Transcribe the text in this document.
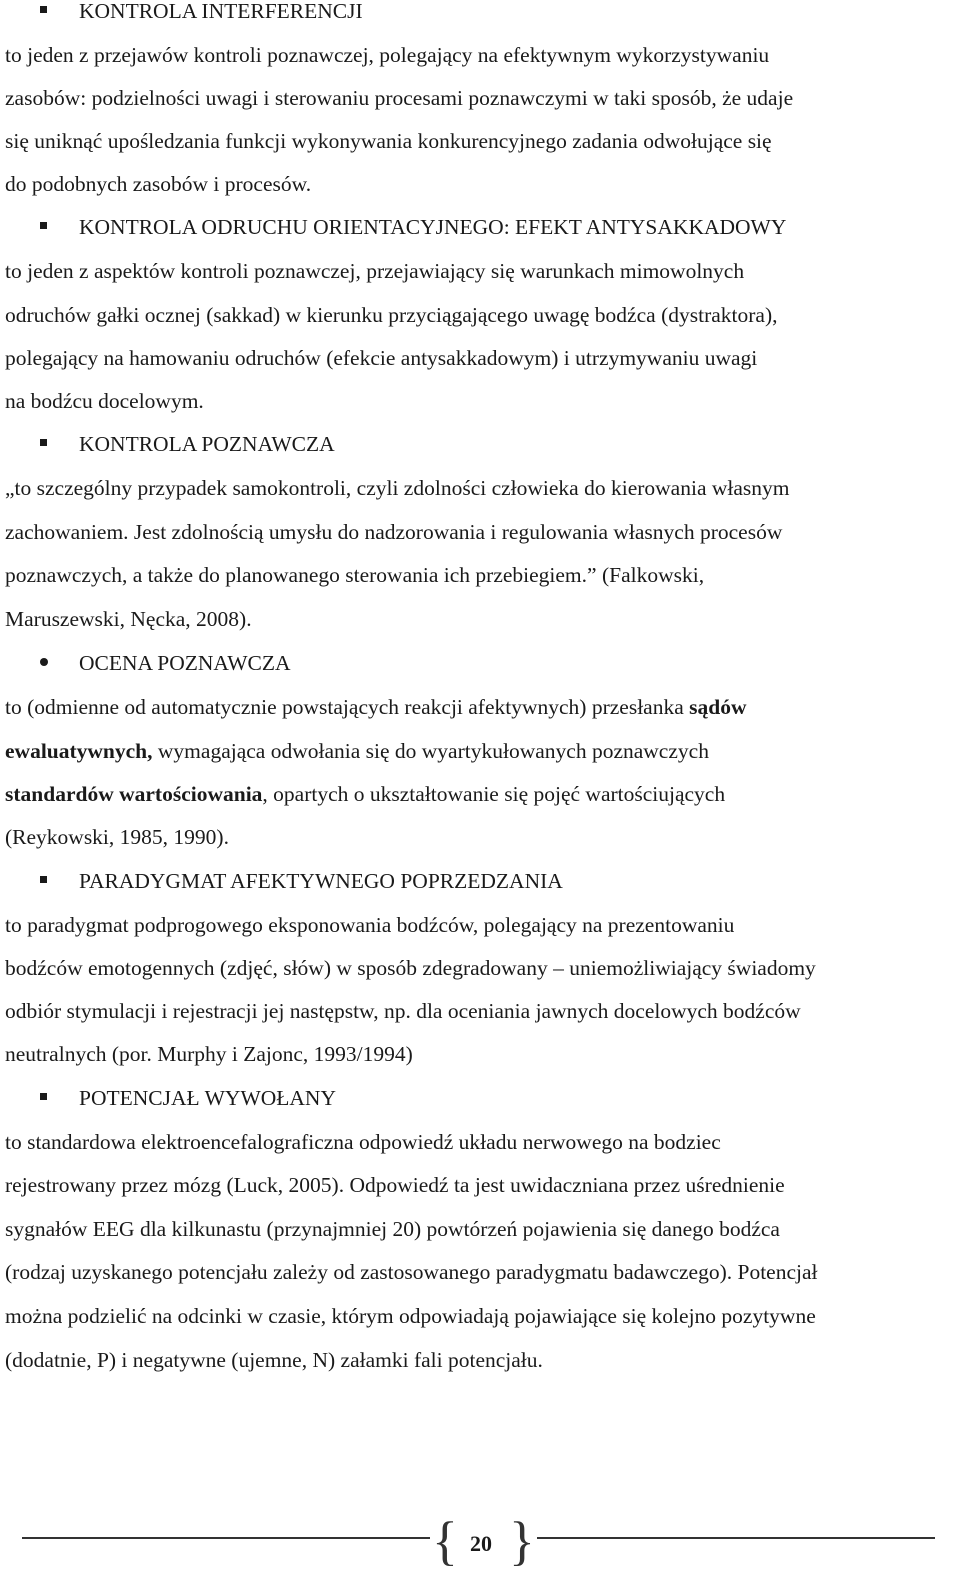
KONTROLA INTERFERENCJI
to jeden z przejawów kontroli poznawczej, polegający na efektywnym wykorzystywaniu
zasobów: podzielności uwagi i sterowaniu procesami poznawczymi w taki sposób, że udaje
się uniknąć upośledzania funkcji wykonywania konkurencyjnego zadania odwołujące się
do podobnych zasobów i procesów.
KONTROLA ODRUCHU ORIENTACYJNEGO: EFEKT ANTYSAKKADOWY
to jeden z aspektów kontroli poznawczej, przejawiający się warunkach mimowolnych
odruchów gałki ocznej (sakkad) w kierunku przyciągającego uwagę bodźca (dystraktora),
polegający na hamowaniu odruchów (efekcie antysakkadowym) i utrzymywaniu uwagi
na bodźcu docelowym.
KONTROLA POZNAWCZA
„to szczególny przypadek samokontroli, czyli zdolności człowieka do kierowania własnym
zachowaniem. Jest zdolnością umysłu do nadzorowania i regulowania własnych procesów
poznawczych, a także do planowanego sterowania ich przebiegiem.” (Falkowski,
Maruszewski, Nęcka, 2008).
OCENA POZNAWCZA
to (odmienne od automatycznie powstających reakcji afektywnych) przesłanka sądów
ewaluatywnych, wymagająca odwołania się do wyartykułowanych poznawczych
standardów wartościowania, opartych o ukształtowanie się pojęć wartościujących
(Reykowski, 1985, 1990).
PARADYGMAT AFEKTYWNEGO POPRZEDZANIA
to paradygmat podprogowego eksponowania bodźców, polegający na prezentowaniu
bodźców emotogennych (zdjęć, słów) w sposób zdegradowany – uniemożliwiający świadomy
odbiór stymulacji i rejestracji jej następstw, np. dla oceniania jawnych docelowych bodźców
neutralnych (por. Murphy i Zajonc, 1993/1994)
POTENCJAŁ WYWOŁANY
to standardowa elektroencefalograficzna odpowiedź układu nerwowego na bodziec
rejestrowany przez mózg (Luck, 2005). Odpowiedź ta jest uwidaczniana przez uśrednienie
sygnałów EEG dla kilkunastu (przynajmniej 20) powtórzeń pojawienia się danego bodźca
(rodzaj uzyskanego potencjału zależy od zastosowanego paradygmatu badawczego). Potencjał
można podzielić na odcinki w czasie, którym odpowiadają pojawiające się kolejno pozytywne
(dodatnie, P) i negatywne (ujemne, N) załamki fali potencjału.
{ 20 }
